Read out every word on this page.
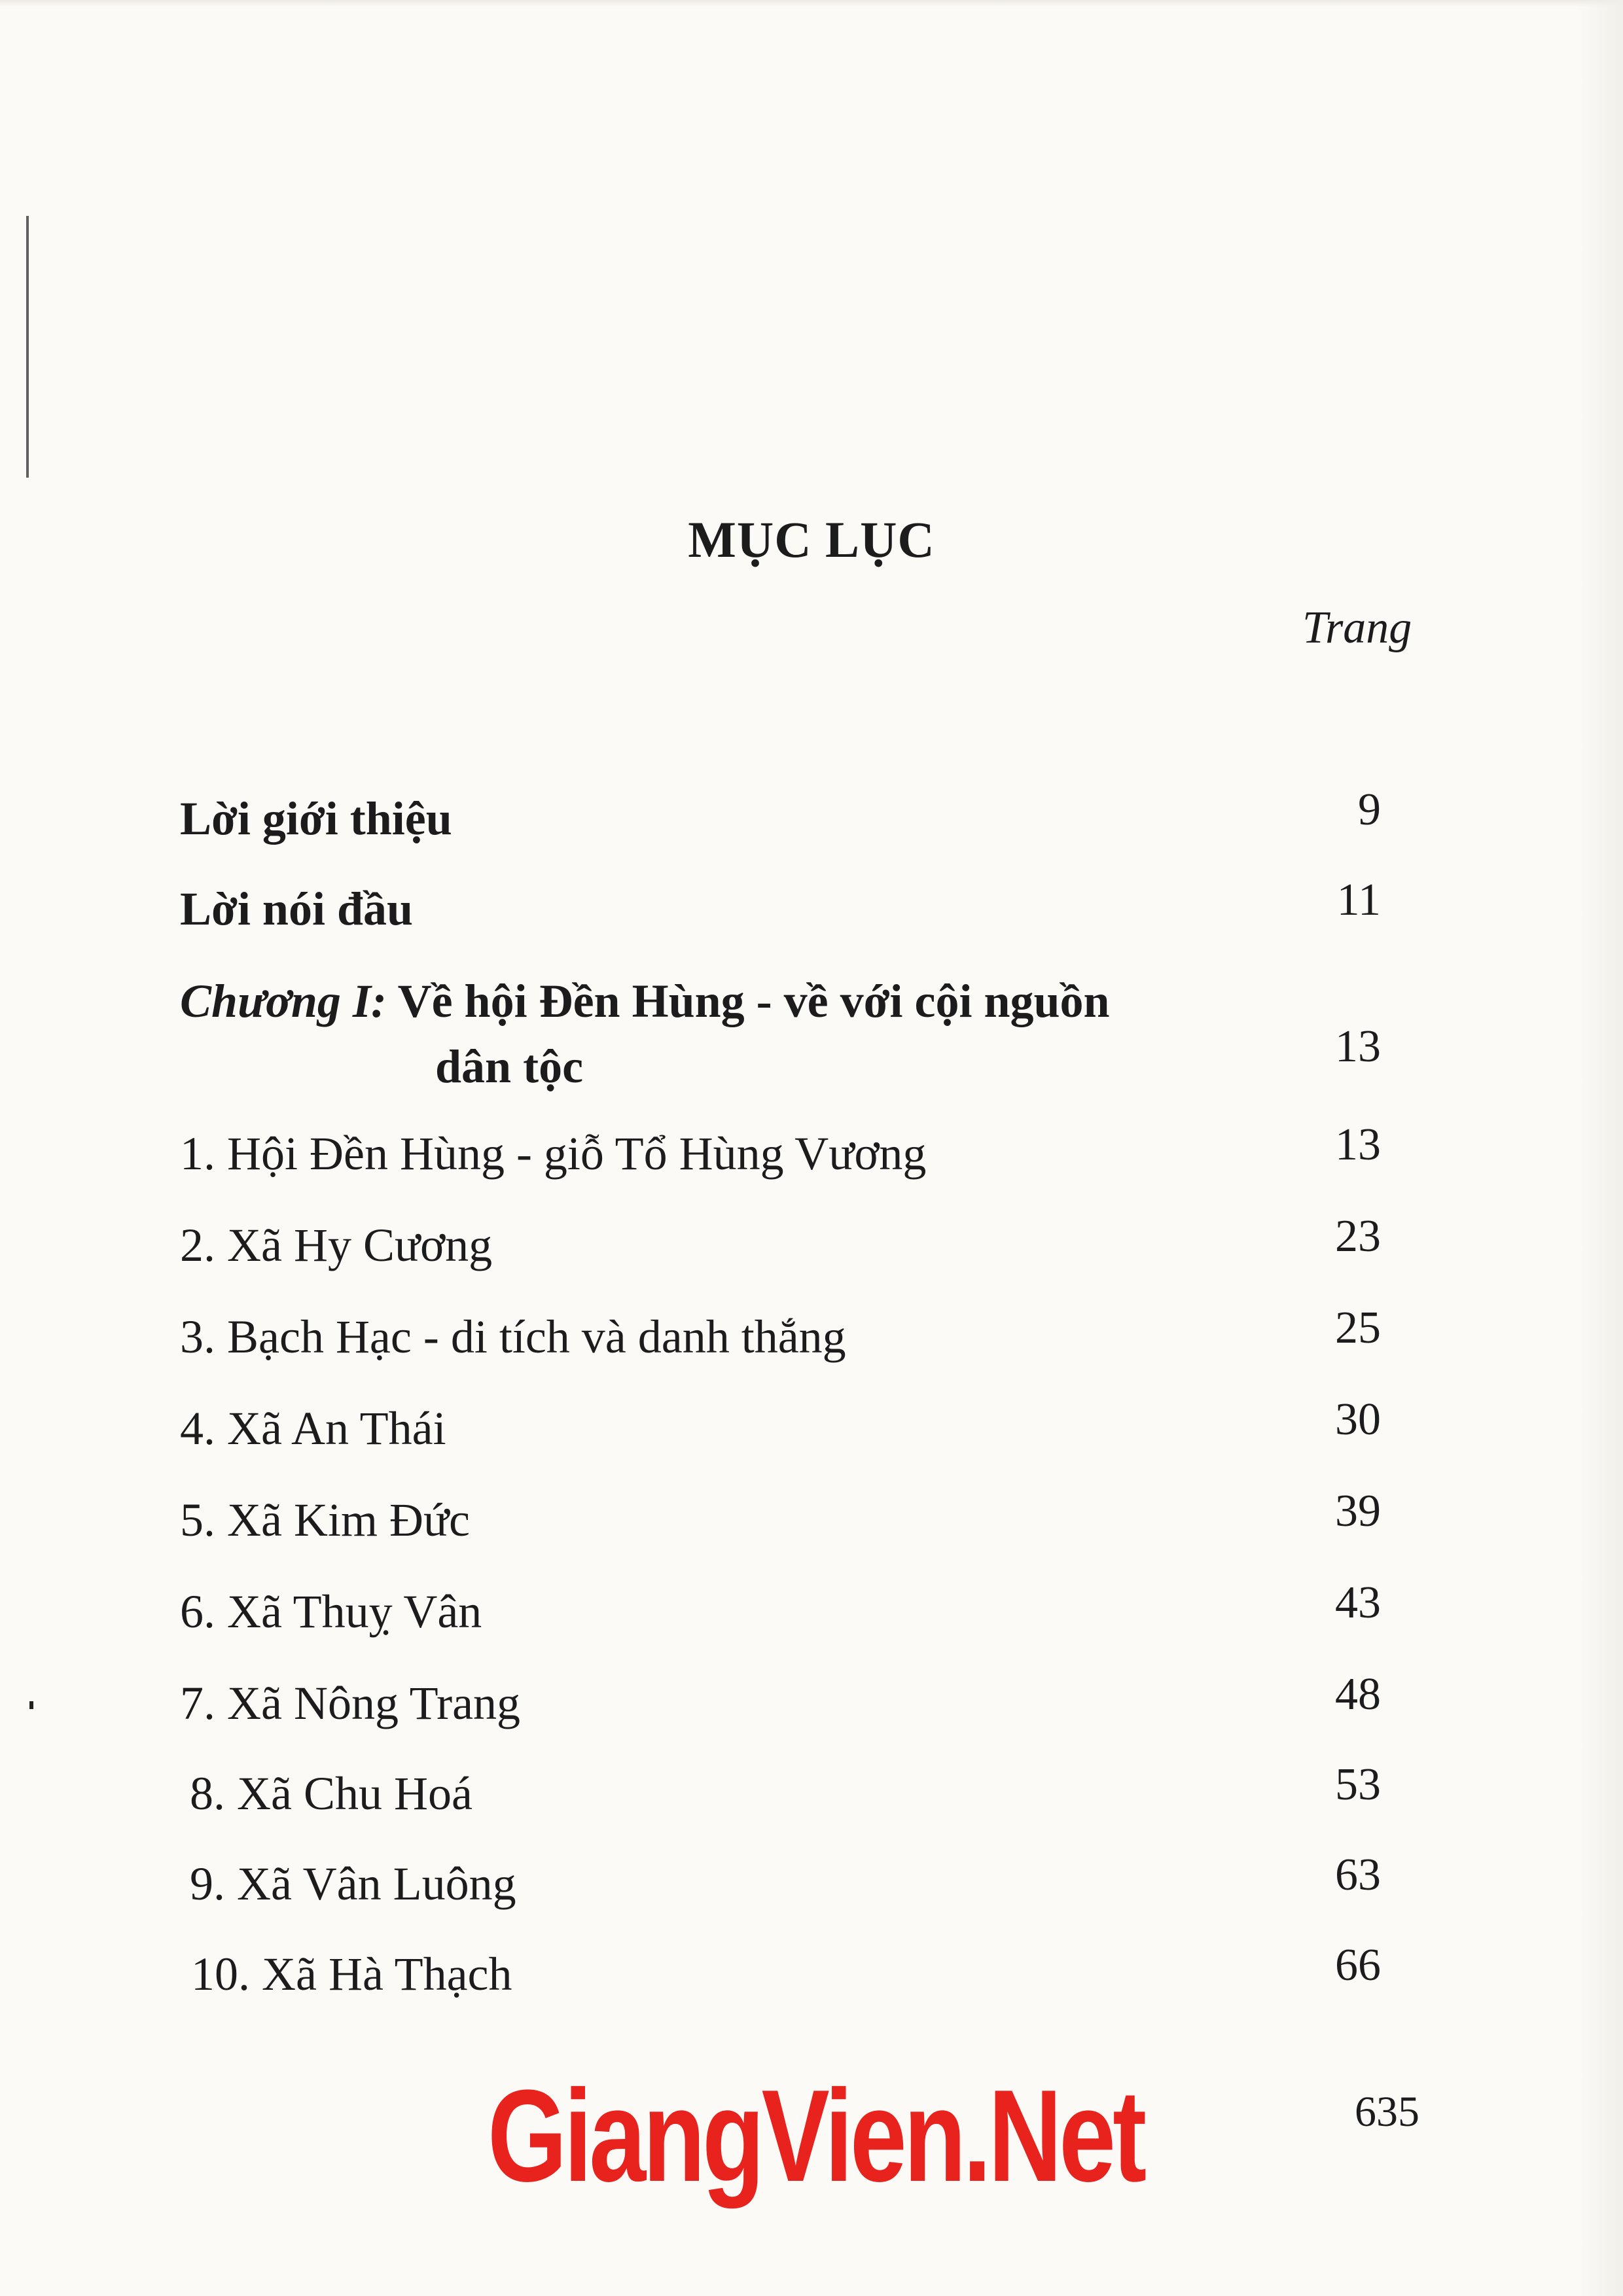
MỤC LỤC
Trang
Lời giới thiệu	9
Lời nói đầu	11
Chương I: Về hội Đền Hùng - về với cội nguồn
dân tộc	13
1. Hội Đền Hùng - giỗ Tổ Hùng Vương	13
2. Xã Hy Cương	23
3. Bạch Hạc - di tích và danh thắng	25
4. Xã An Thái	30
5. Xã Kim Đức	39
6. Xã Thuỵ Vân	43
7. Xã Nông Trang	48
8. Xã Chu Hoá	53
9. Xã Vân Luông	63
10. Xã Hà Thạch	66
GiangVien.Net	635
